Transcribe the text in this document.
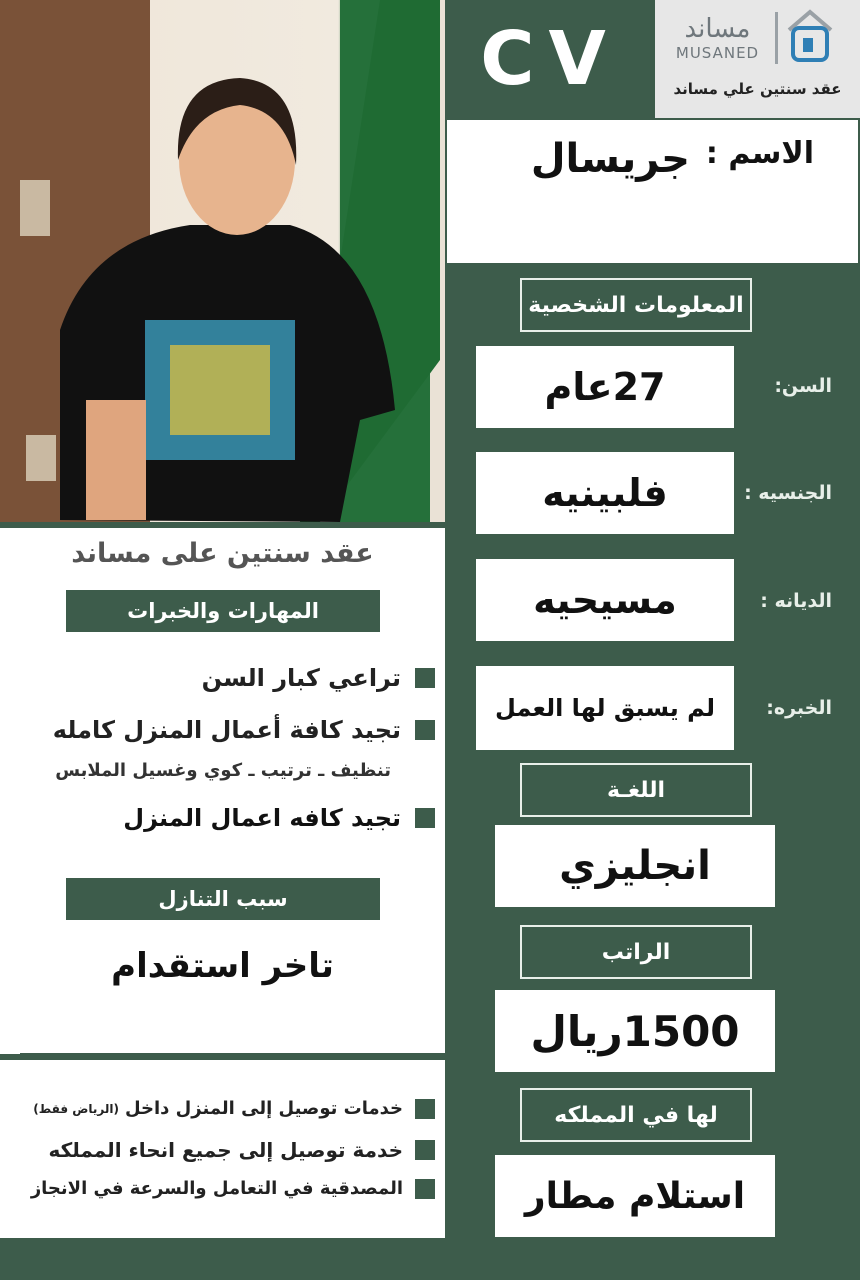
CV	مساند
MUSANED
عقد سنتين علي مساند
الاسم :
جريسال
المعلومات الشخصية
27عام	السن:
فلبينيه	الجنسيه :
مسيحيه	الديانه :
لم يسبق لها العمل	الخبره:
اللغـة
انجليزي
الراتب
1500ريال
لها في المملكه
استلام مطار
عقد سنتين على مساند
المهارات والخبرات
تراعي كبار السن
تجيد كافة أعمال المنزل كامله
تنظيف ـ ترتيب ـ كوي وغسيل الملابس
تجيد كافه اعمال المنزل
سبب التنازل
تاخر استقدام
خدمات توصيل إلى المنزل داخل
(الرياض فقط)
خدمة توصيل إلى جميع انحاء المملكه
المصدقية في التعامل والسرعة في الانجاز
